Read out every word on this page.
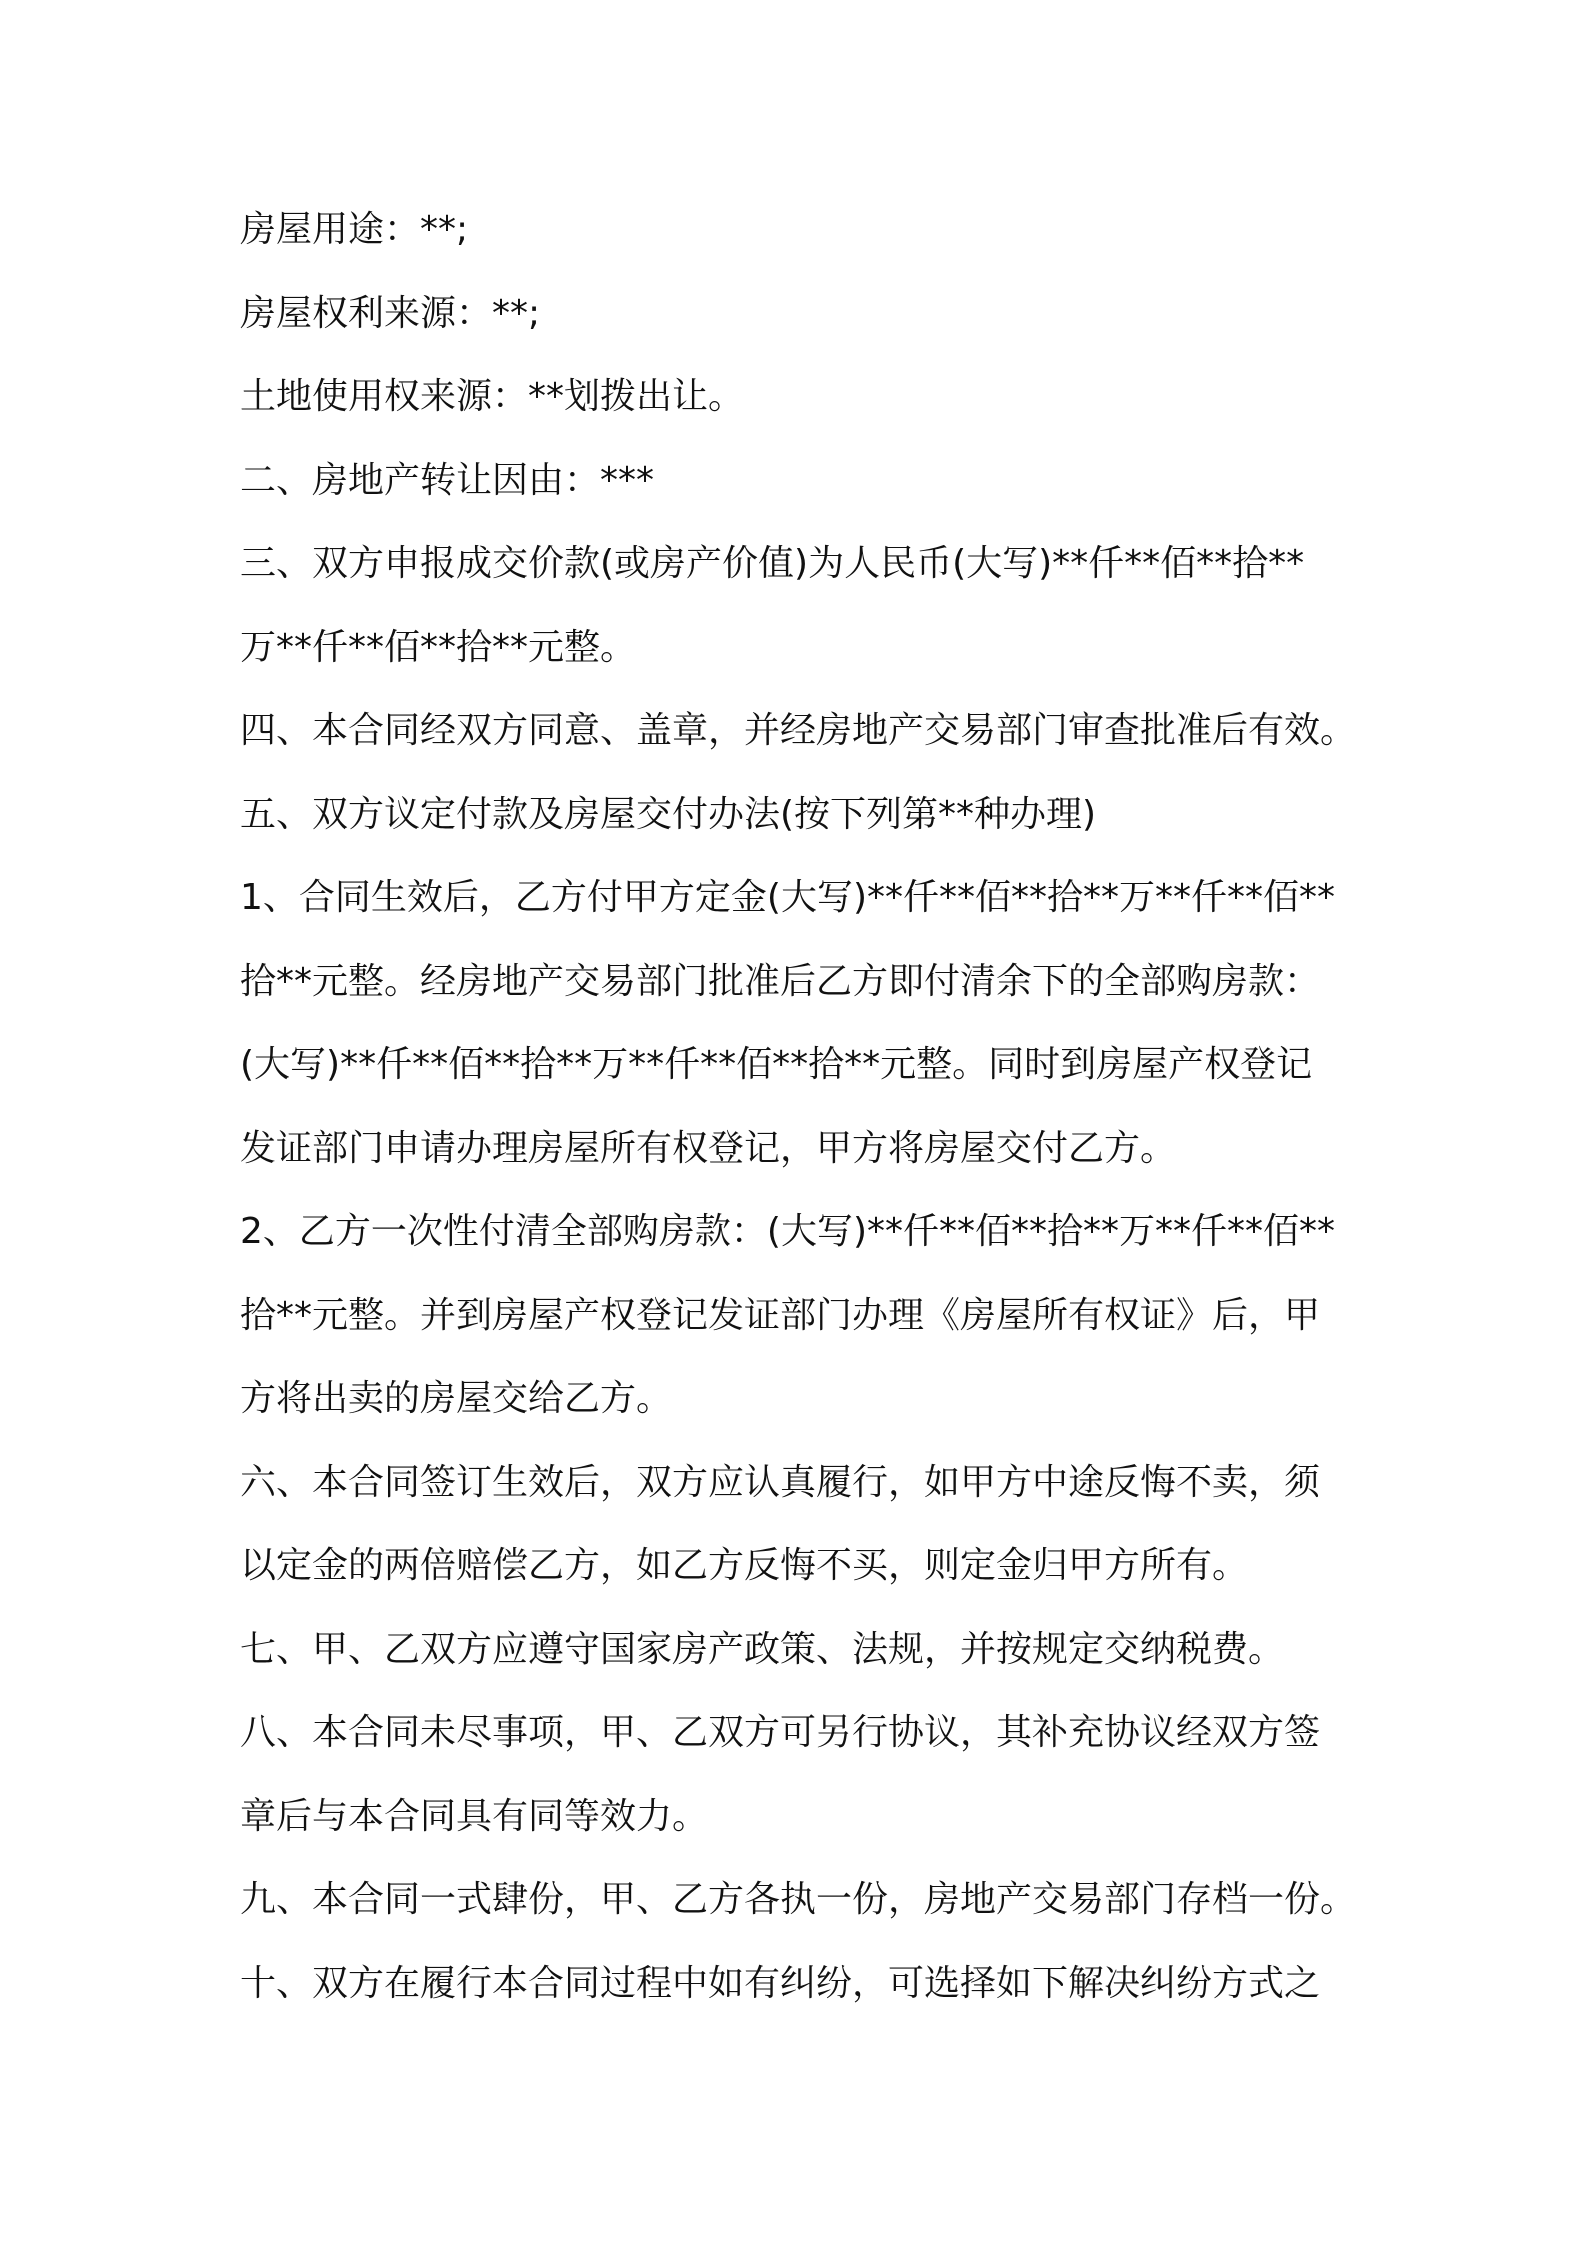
房屋用途：**;
房屋权利来源：**;
土地使用权来源：**划拨出让。
二、房地产转让因由：***
三、双方申报成交价款(或房产价值)为人民币(大写)**仟**佰**拾**
万**仟**佰**拾**元整。
四、本合同经双方同意、盖章，并经房地产交易部门审查批准后有效。
五、双方议定付款及房屋交付办法(按下列第**种办理)
1、合同生效后，乙方付甲方定金(大写)**仟**佰**拾**万**仟**佰**
拾**元整。经房地产交易部门批准后乙方即付清余下的全部购房款：
(大写)**仟**佰**拾**万**仟**佰**拾**元整。同时到房屋产权登记
发证部门申请办理房屋所有权登记，甲方将房屋交付乙方。
2、乙方一次性付清全部购房款：(大写)**仟**佰**拾**万**仟**佰**
拾**元整。并到房屋产权登记发证部门办理《房屋所有权证》后，甲
方将出卖的房屋交给乙方。
六、本合同签订生效后，双方应认真履行，如甲方中途反悔不卖，须
以定金的两倍赔偿乙方，如乙方反悔不买，则定金归甲方所有。
七、甲、乙双方应遵守国家房产政策、法规，并按规定交纳税费。
八、本合同未尽事项，甲、乙双方可另行协议，其补充协议经双方签
章后与本合同具有同等效力。
九、本合同一式肆份，甲、乙方各执一份，房地产交易部门存档一份。
十、双方在履行本合同过程中如有纠纷，可选择如下解决纠纷方式之
